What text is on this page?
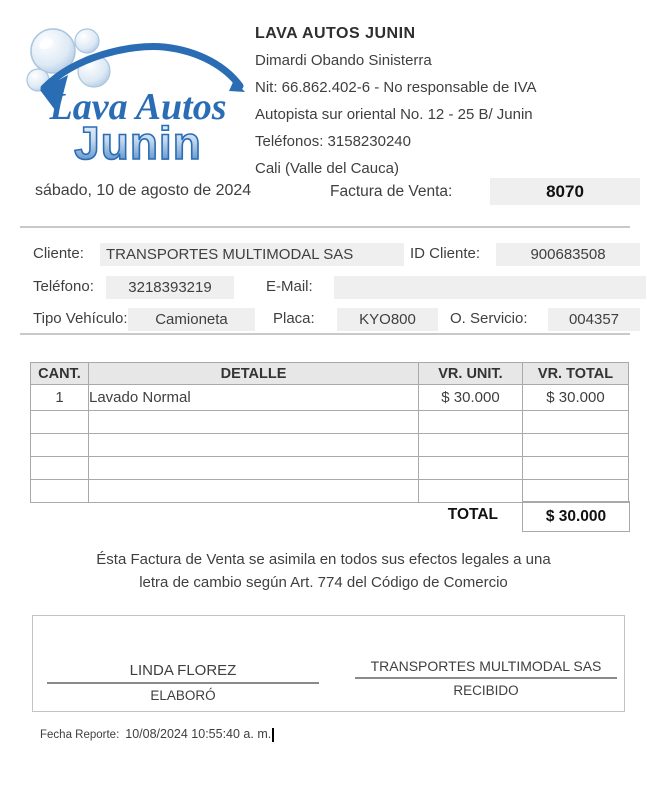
Lava Autos
Junin
LAVA AUTOS JUNIN
Dimardi Obando Sinisterra
Nit: 66.862.402-6 - No responsable de IVA
Autopista sur oriental No. 12 - 25 B/ Junin
Teléfonos: 3158230240
Cali (Valle del Cauca)
sábado, 10 de agosto de 2024	Factura de Venta:	8070
Cliente:	TRANSPORTES MULTIMODAL SAS	ID Cliente:	900683508
Teléfono:	3218393219	E-Mail:
Tipo Vehículo:	Camioneta	Placa:	KYO800	O. Servicio:	004357
CANT.	DETALLE	VR. UNIT.	VR. TOTAL
1	Lavado Normal	$ 30.000	$ 30.000

TOTAL	$ 30.000
Ésta Factura de Venta se asimila en todos sus efectos legales a una
letra de cambio según Art. 774 del Código de Comercio
LINDA FLOREZ
ELABORÓ
TRANSPORTES MULTIMODAL SAS
RECIBIDO
Fecha Reporte: 10/08/2024 10:55:40 a. m.
